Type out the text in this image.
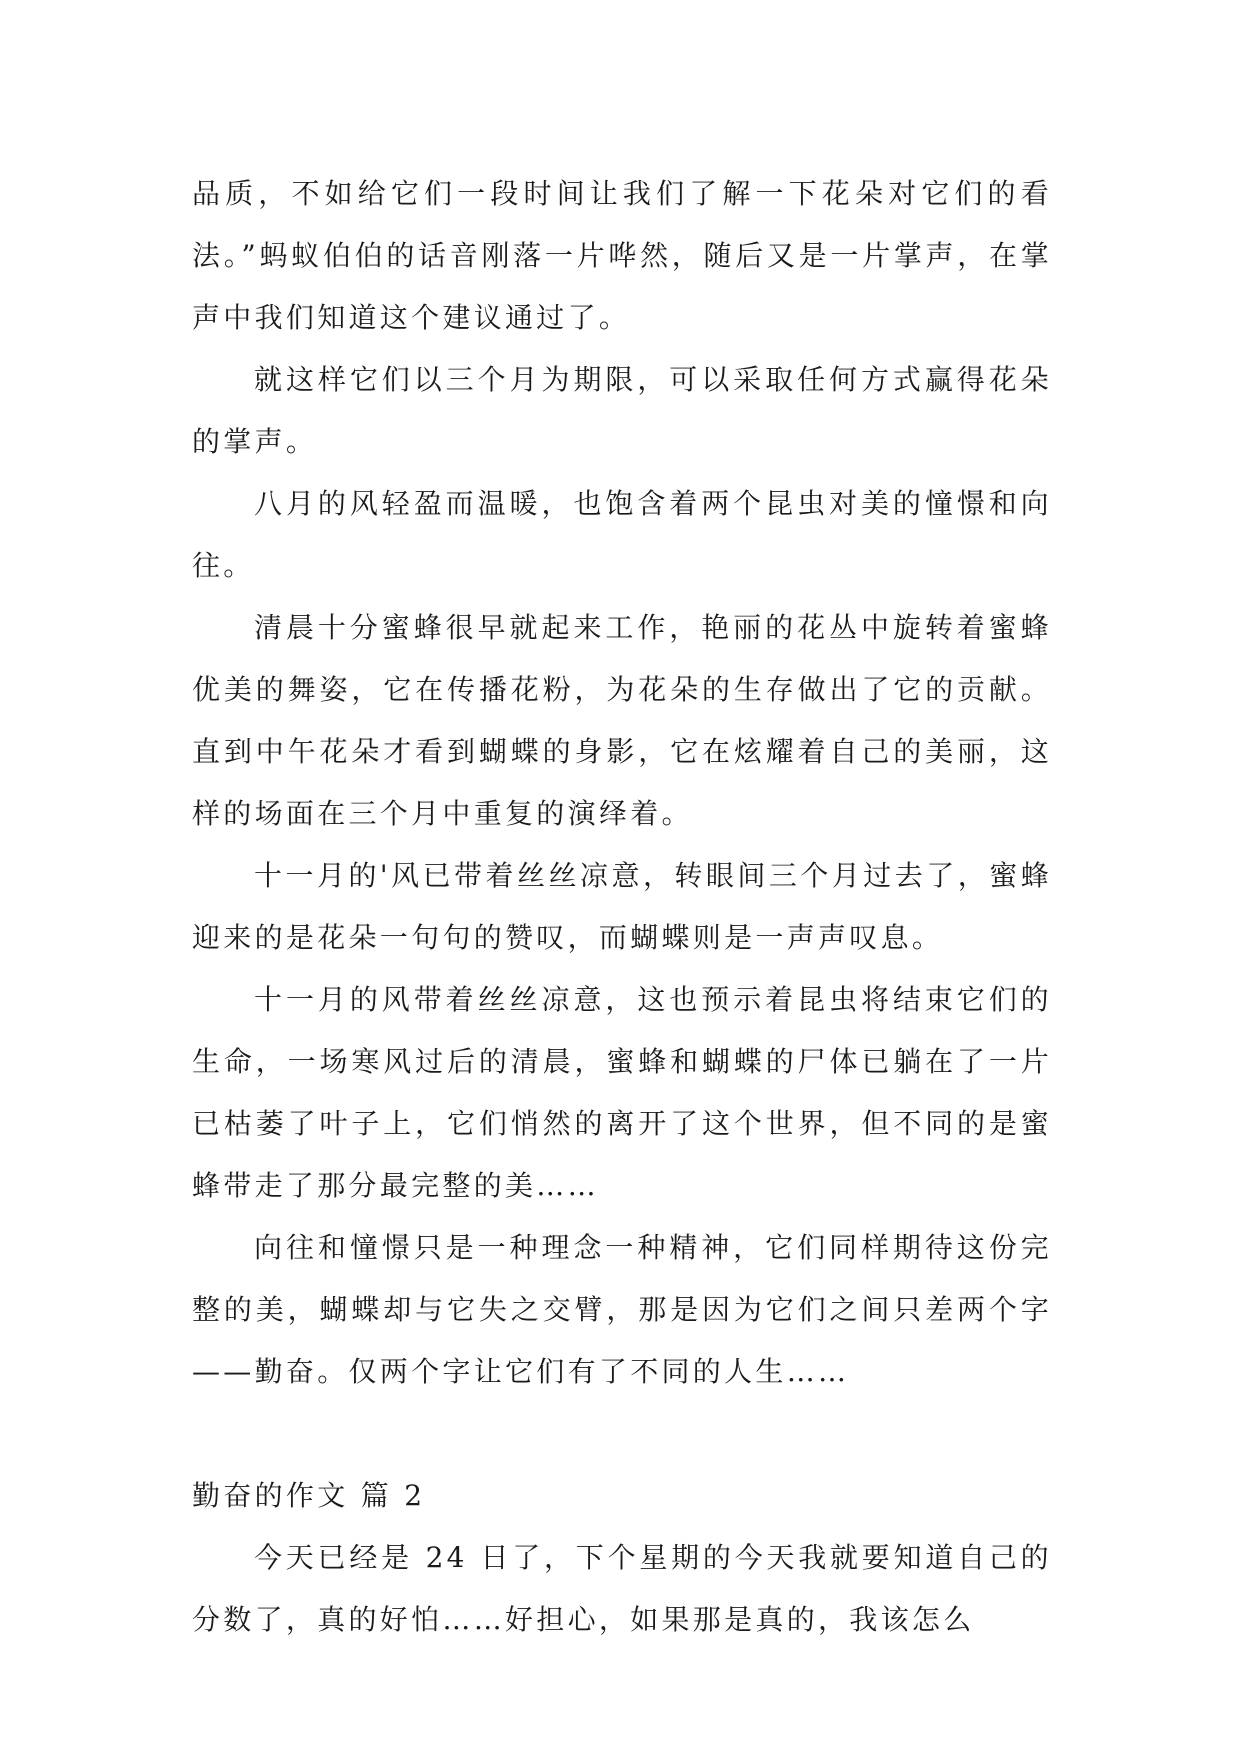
品质，不如给它们一段时间让我们了解一下花朵对它们的看法。”蚂蚁伯伯的话音刚落一片哗然，随后又是一片掌声，在掌声中我们知道这个建议通过了。

就这样它们以三个月为期限，可以采取任何方式赢得花朵的掌声。

八月的风轻盈而温暖，也饱含着两个昆虫对美的憧憬和向往。

清晨十分蜜蜂很早就起来工作，艳丽的花丛中旋转着蜜蜂优美的舞姿，它在传播花粉，为花朵的生存做出了它的贡献。直到中午花朵才看到蝴蝶的身影，它在炫耀着自己的美丽，这样的场面在三个月中重复的演绎着。

十一月的'风已带着丝丝凉意，转眼间三个月过去了，蜜蜂迎来的是花朵一句句的赞叹，而蝴蝶则是一声声叹息。

十一月的风带着丝丝凉意，这也预示着昆虫将结束它们的生命，一场寒风过后的清晨，蜜蜂和蝴蝶的尸体已躺在了一片已枯萎了叶子上，它们悄然的离开了这个世界，但不同的是蜜蜂带走了那分最完整的美……

向往和憧憬只是一种理念一种精神，它们同样期待这份完整的美，蝴蝶却与它失之交臂，那是因为它们之间只差两个字——勤奋。仅两个字让它们有了不同的人生……

勤奋的作文 篇 2

今天已经是 24 日了，下个星期的今天我就要知道自己的分数了，真的好怕……好担心，如果那是真的，我该怎么
